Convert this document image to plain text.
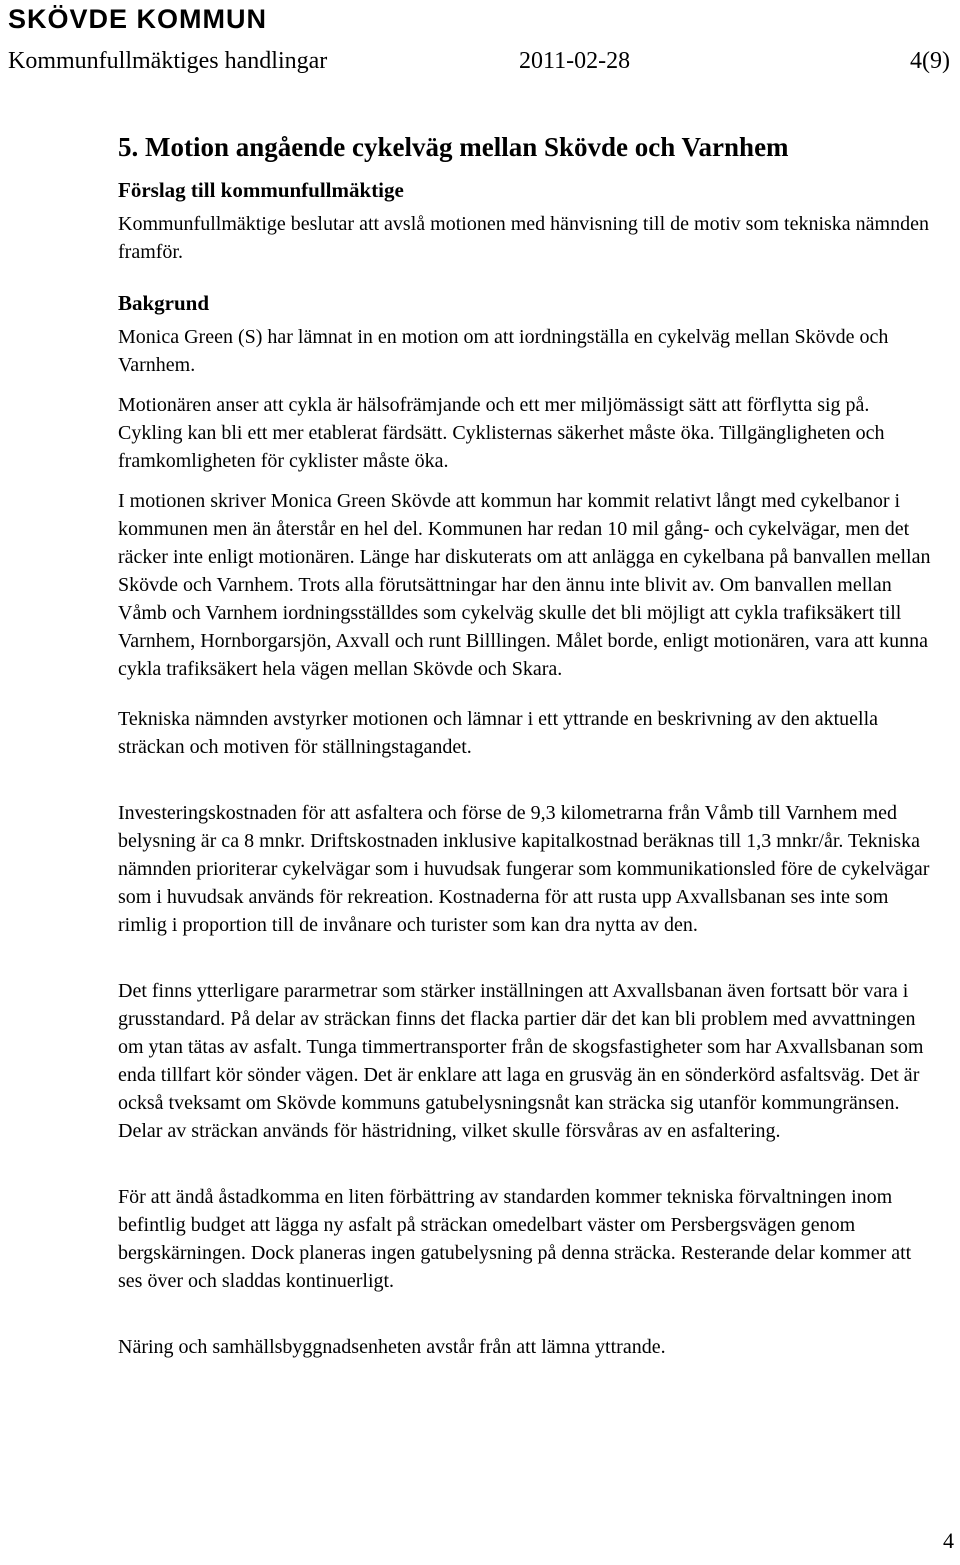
SKÖVDE KOMMUN
Kommunfullmäktiges handlingar	2011-02-28	4(9)
5. Motion angående cykelväg mellan Skövde och Varnhem
Förslag till kommunfullmäktige

Kommunfullmäktige beslutar att avslå motionen med hänvisning till de motiv som tekniska nämnden framför.

Bakgrund

Monica Green (S) har lämnat in en motion om att iordningställa en cykelväg mellan Skövde och Varnhem.

Motionären anser att cykla är hälsofrämjande och ett mer miljömässigt sätt att förflytta sig på. Cykling kan bli ett mer etablerat färdsätt. Cyklisternas säkerhet måste öka. Tillgängligheten och framkomligheten för cyklister måste öka.

I motionen skriver Monica Green Skövde att kommun har kommit relativt långt med cykelbanor i kommunen men än återstår en hel del. Kommunen har redan 10 mil gång- och cykelvägar, men det räcker inte enligt motionären. Länge har diskuterats om att anlägga en cykelbana på banvallen mellan Skövde och Varnhem. Trots alla förutsättningar har den ännu inte blivit av. Om banvallen mellan Våmb och Varnhem iordningsställdes som cykelväg skulle det bli möjligt att cykla trafiksäkert till Varnhem, Hornborgarsjön, Axvall och runt Billlingen. Målet borde, enligt motionären, vara att kunna cykla trafiksäkert hela vägen mellan Skövde och Skara.

Tekniska nämnden avstyrker motionen och lämnar i ett yttrande en beskrivning av den aktuella sträckan och motiven för ställningstagandet.

Investeringskostnaden för att asfaltera och förse de 9,3 kilometrarna från Våmb till Varnhem med belysning är ca 8 mnkr. Driftskostnaden inklusive kapitalkostnad beräknas till 1,3 mnkr/år. Tekniska nämnden prioriterar cykelvägar som i huvudsak fungerar som kommunikationsled före de cykelvägar som i huvudsak används för rekreation. Kostnaderna för att rusta upp Axvallsbanan ses inte som rimlig i proportion till de invånare och turister som kan dra nytta av den.

Det finns ytterligare pararmetrar som stärker inställningen att Axvallsbanan även fortsatt bör vara i grusstandard. På delar av sträckan finns det flacka partier där det kan bli problem med avvattningen om ytan tätas av asfalt. Tunga timmertransporter från de skogsfastigheter som har Axvallsbanan som enda tillfart kör sönder vägen. Det är enklare att laga en grusväg än en sönderkörd asfaltsväg. Det är också tveksamt om Skövde kommuns gatubelysningsnåt kan sträcka sig utanför kommungränsen. Delar av sträckan används för hästridning, vilket skulle försvåras av en asfaltering.

För att ändå åstadkomma en liten förbättring av standarden kommer tekniska förvaltningen inom befintlig budget att lägga ny asfalt på sträckan omedelbart väster om Persbergsvägen genom bergskärningen. Dock planeras ingen gatubelysning på denna sträcka. Resterande delar kommer att ses över och sladdas kontinuerligt.

Näring och samhällsbyggnadsenheten avstår från att lämna yttrande.

4
